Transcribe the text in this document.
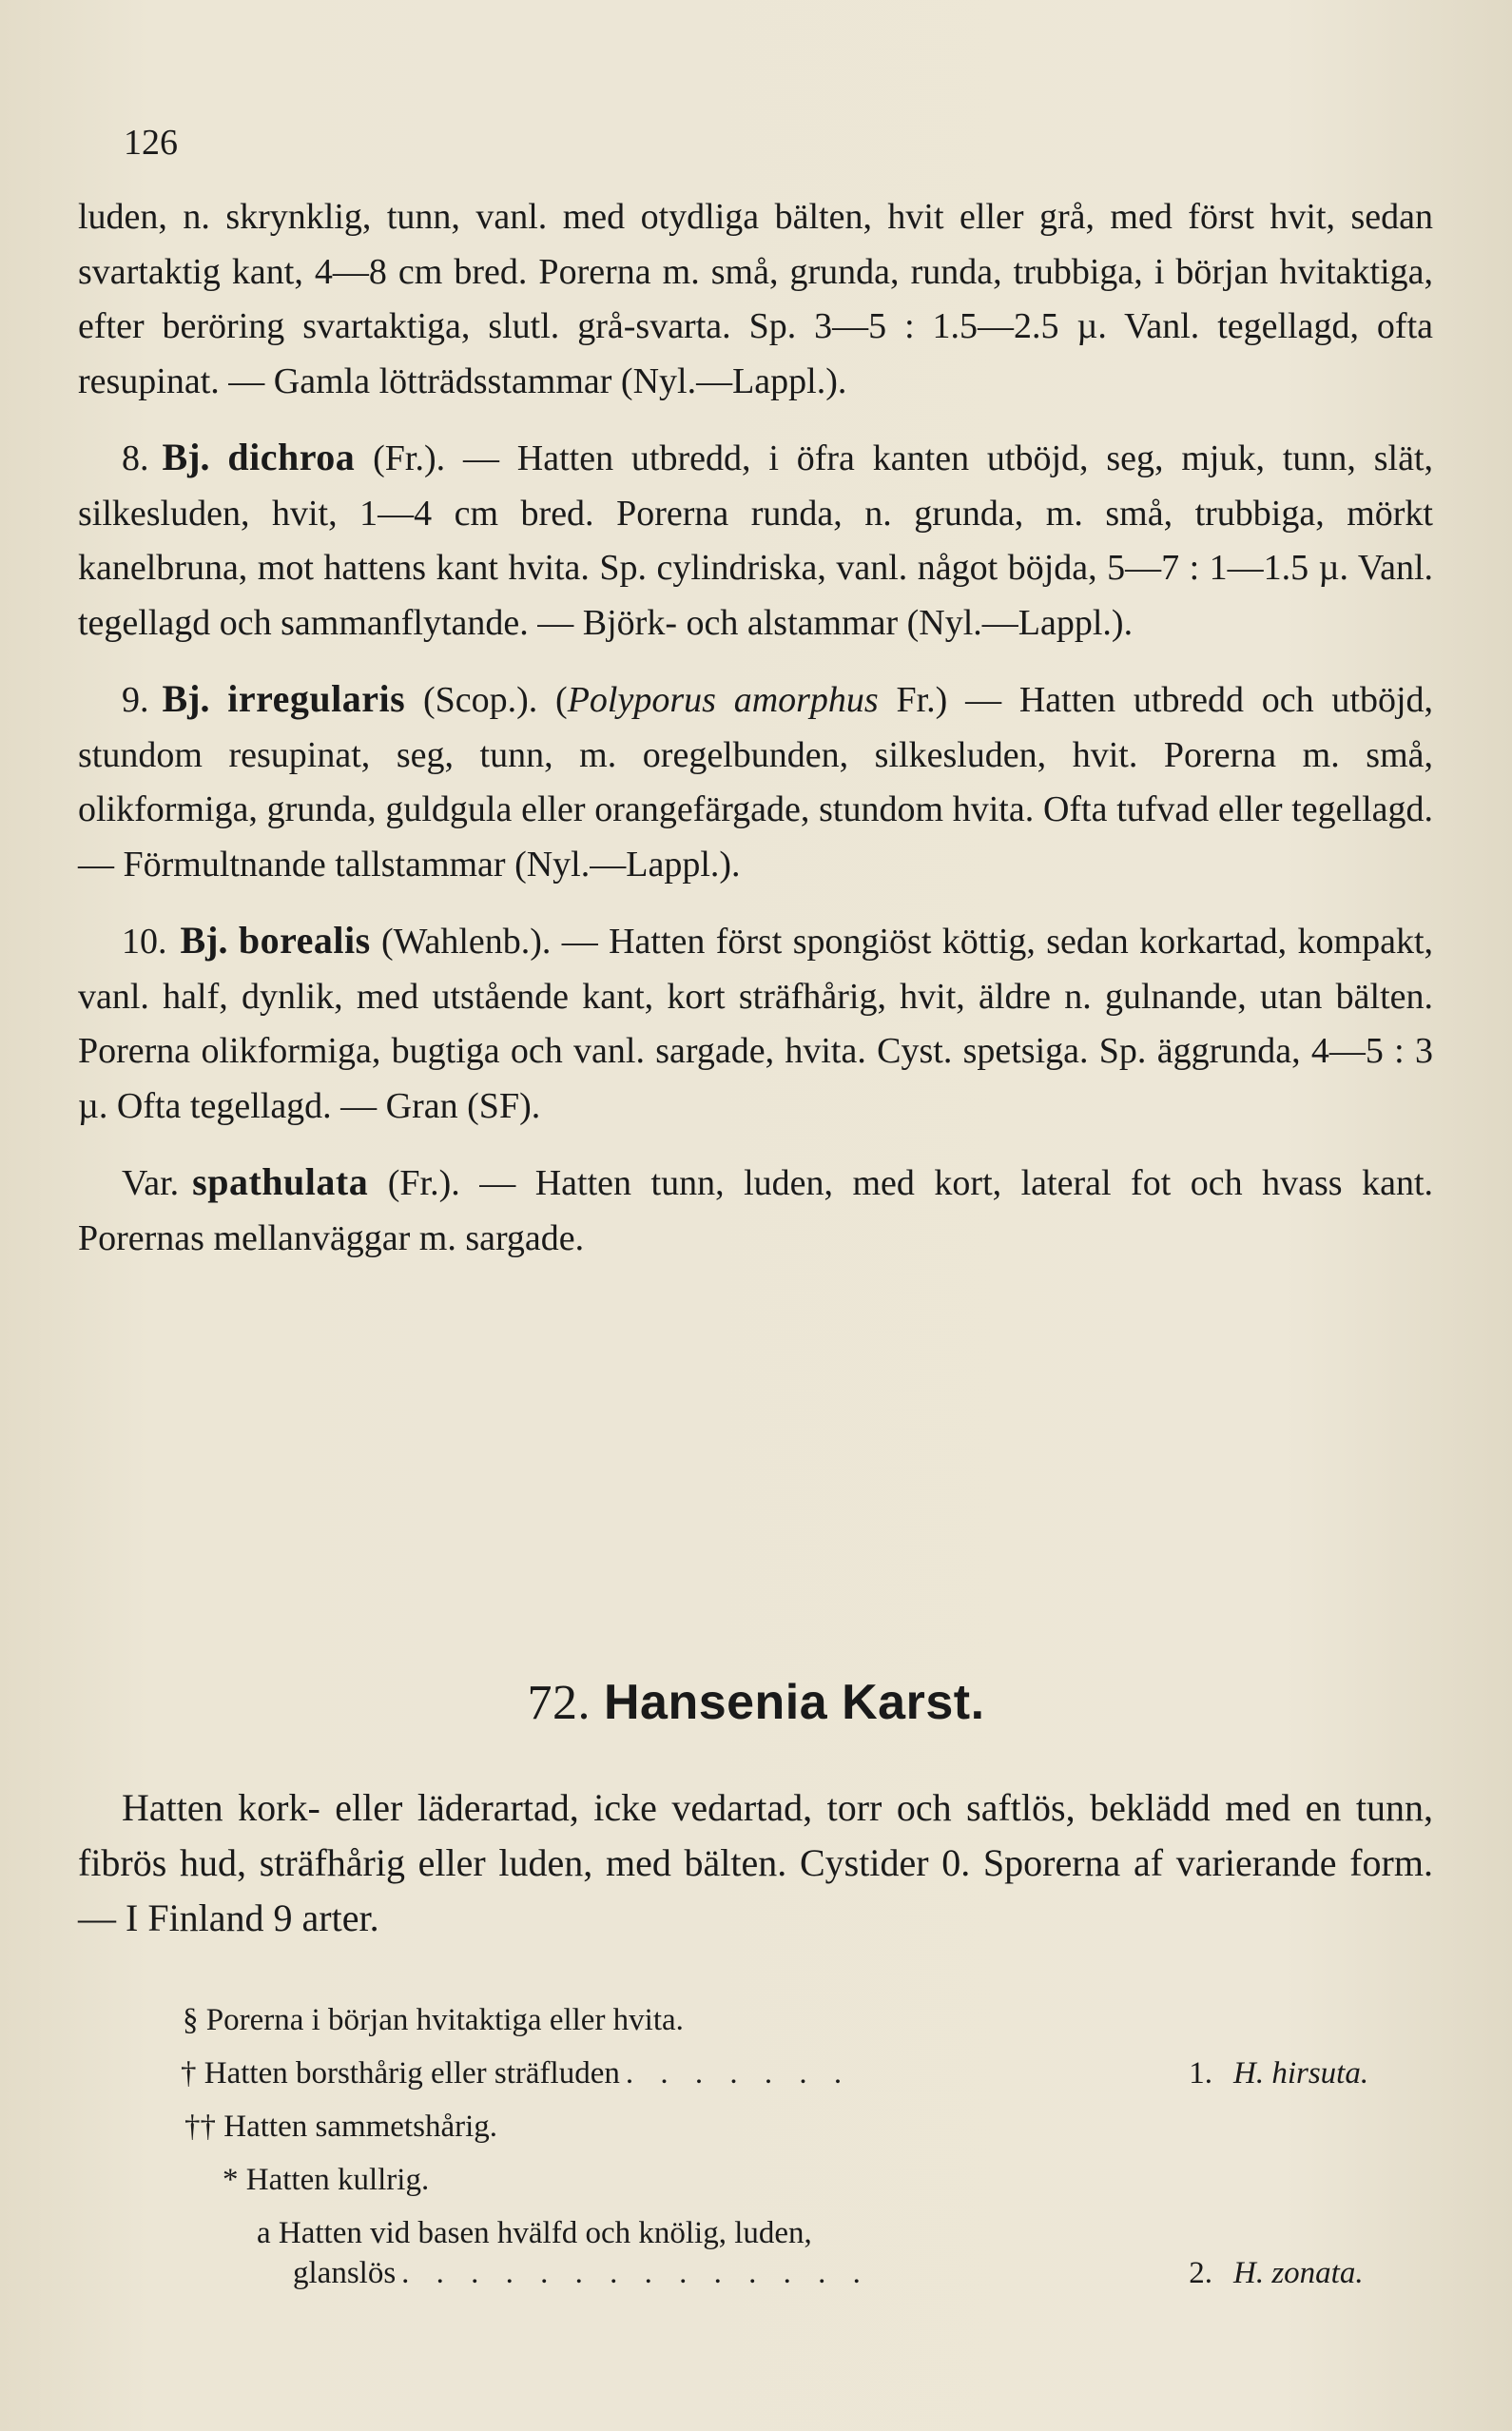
126

luden, n. skrynklig, tunn, vanl. med otydliga bälten, hvit eller grå, med först hvit, sedan svartaktig kant, 4—8 cm bred. Porerna m. små, grunda, runda, trubbiga, i början hvitaktiga, efter beröring svartaktiga, slutl. grå-svarta. Sp. 3—5 : 1.5—2.5 µ. Vanl. tegellagd, ofta resupinat. — Gamla lötträdsstammar (Nyl.—Lappl.).

8. Bj. dichroa (Fr.). — Hatten utbredd, i öfra kanten utböjd, seg, mjuk, tunn, slät, silkesluden, hvit, 1—4 cm bred. Porerna runda, n. grunda, m. små, trubbiga, mörkt kanelbruna, mot hattens kant hvita. Sp. cylindriska, vanl. något böjda, 5—7 : 1—1.5 µ. Vanl. tegellagd och sammanflytande. — Björk- och alstammar (Nyl.—Lappl.).

9. Bj. irregularis (Scop.). (Polyporus amorphus Fr.) — Hatten utbredd och utböjd, stundom resupinat, seg, tunn, m. oregelbunden, silkesluden, hvit. Porerna m. små, olikformiga, grunda, guldgula eller orangefärgade, stundom hvita. Ofta tufvad eller tegellagd. — Förmultnande tallstammar (Nyl.—Lappl.).

10. Bj. borealis (Wahlenb.). — Hatten först spongiöst köttig, sedan korkartad, kompakt, vanl. half, dynlik, med utstående kant, kort sträfhårig, hvit, äldre n. gulnande, utan bälten. Porerna olikformiga, bugtiga och vanl. sargade, hvita. Cyst. spetsiga. Sp. äggrunda, 4—5 : 3 µ. Ofta tegellagd. — Gran (SF).

Var. spathulata (Fr.). — Hatten tunn, luden, med kort, lateral fot och hvass kant. Porernas mellanväggar m. sargade.

72. Hansenia Karst.

Hatten kork- eller läderartad, icke vedartad, torr och saftlös, beklädd med en tunn, fibrös hud, sträfhårig eller luden, med bälten. Cystider 0. Sporerna af varierande form. — I Finland 9 arter.

§ Porerna i början hvitaktiga eller hvita.
† Hatten borsthårig eller sträfluden . . . . . . .	1. H. hirsuta.
†† Hatten sammetshårig.
* Hatten kullrig.
a Hatten vid basen hvälfd och knölig, luden,
glanslös . . . . . . . . . . . . . .	2. H. zonata.
